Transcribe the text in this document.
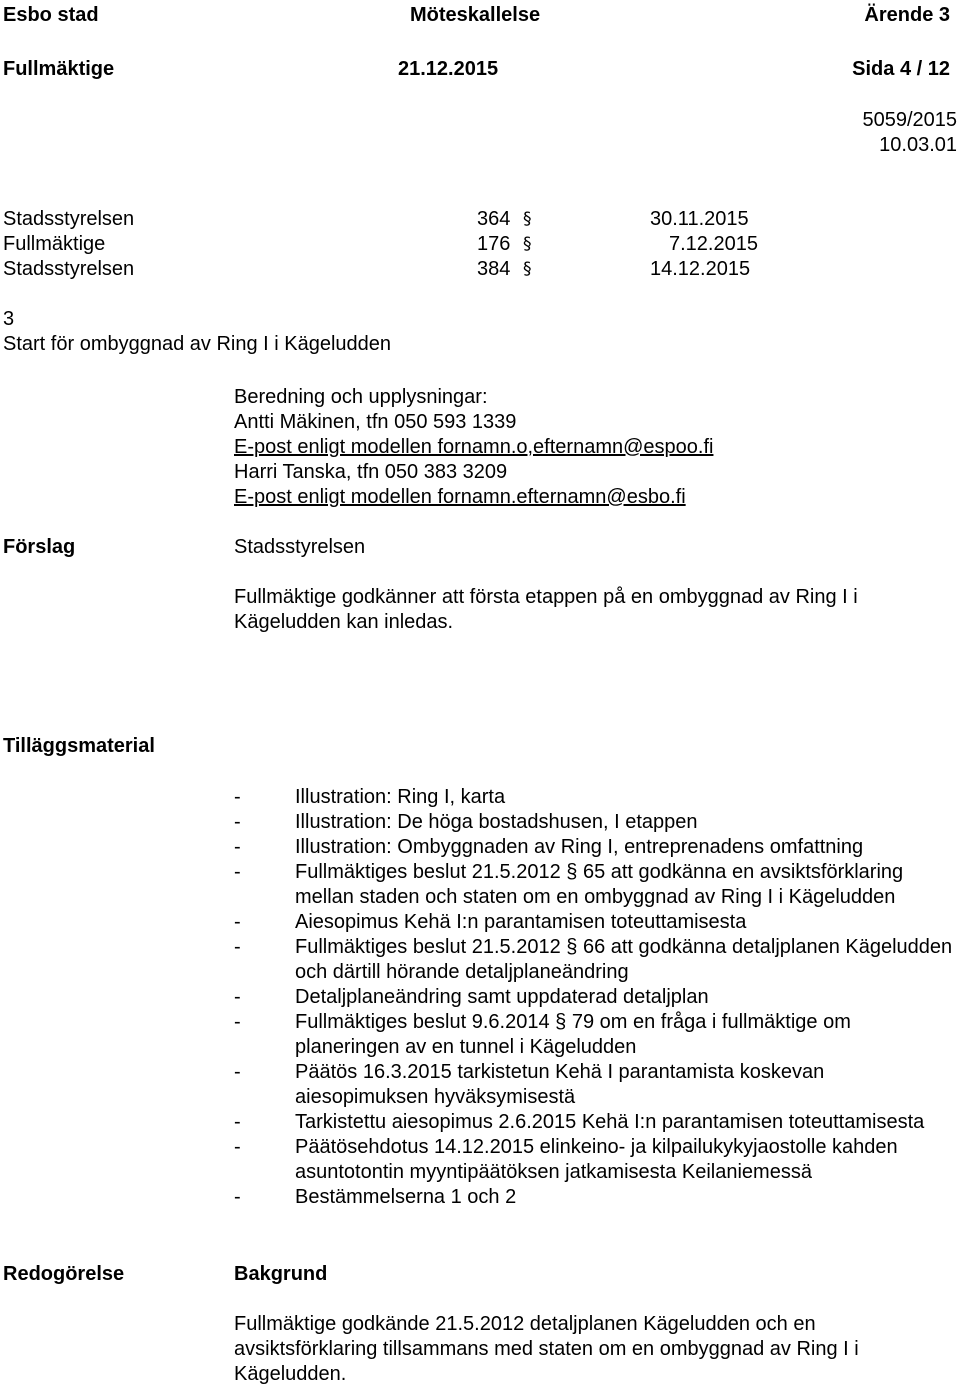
Esbo stad	Möteskallelse	Ärende 3
Fullmäktige	21.12.2015	Sida 4 / 12
5059/2015
10.03.01
Stadsstyrelsen	364 §	30.11.2015
Fullmäktige	176 §	7.12.2015
Stadsstyrelsen	384 §	14.12.2015
3
Start för ombyggnad av Ring I i Kägeludden
Beredning och upplysningar:
Antti Mäkinen, tfn 050 593 1339
E-post enligt modellen fornamn.o,efternamn@espoo.fi
Harri Tanska, tfn 050 383 3209
E-post enligt modellen fornamn.efternamn@esbo.fi
Förslag	Stadsstyrelsen
Fullmäktige godkänner att första etappen på en ombyggnad av Ring I i
Kägeludden kan inledas.
Tilläggsmaterial
-	Illustration: Ring I, karta
-	Illustration: De höga bostadshusen, I etappen
-	Illustration: Ombyggnaden av Ring I, entreprenadens omfattning
-	Fullmäktiges beslut 21.5.2012 § 65 att godkänna en avsiktsförklaring mellan staden och staten om en ombyggnad av Ring I i Kägeludden
-	Aiesopimus Kehä I:n parantamisen toteuttamisesta
-	Fullmäktiges beslut 21.5.2012 § 66 att godkänna detaljplanen Kägeludden och därtill hörande detaljplaneändring
-	Detaljplaneändring samt uppdaterad detaljplan
-	Fullmäktiges beslut 9.6.2014 § 79 om en fråga i fullmäktige om planeringen av en tunnel i Kägeludden
-	Päätös 16.3.2015 tarkistetun Kehä I parantamista koskevan aiesopimuksen hyväksymisestä
-	Tarkistettu aiesopimus 2.6.2015 Kehä I:n parantamisen toteuttamisesta
-	Päätösehdotus 14.12.2015 elinkeino- ja kilpailukykyjaostolle kahden asuntotontin myyntipäätöksen jatkamisesta Keilaniemessä
-	Bestämmelserna 1 och 2
Redogörelse	Bakgrund
Fullmäktige godkände 21.5.2012 detaljplanen Kägeludden och en
avsiktsförklaring tillsammans med staten om en ombyggnad av Ring I i
Kägeludden.
